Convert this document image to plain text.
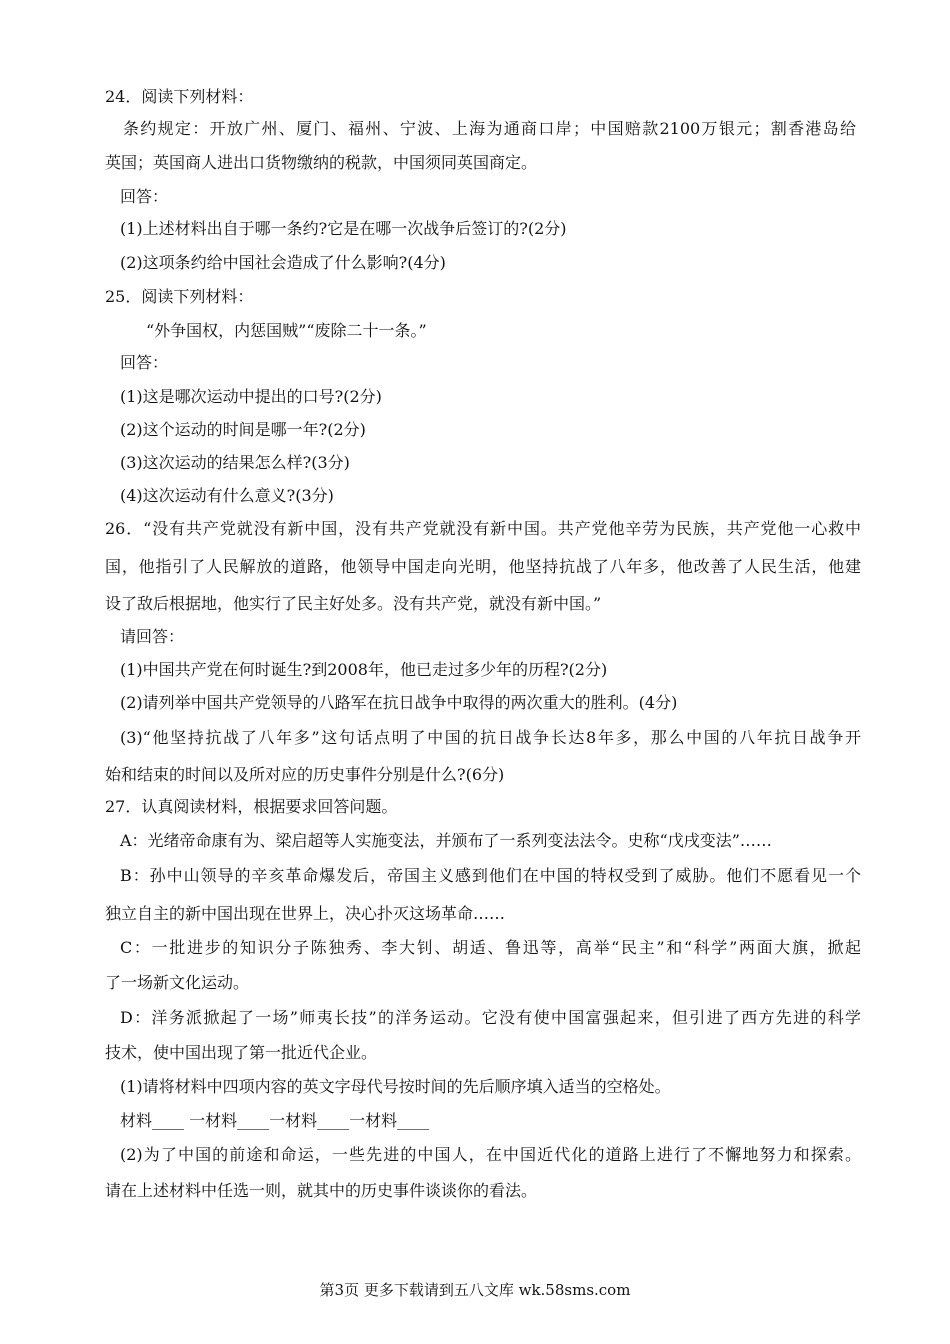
24．阅读下列材料：
条约规定：开放广州、厦门、福州、宁波、上海为通商口岸；中国赔款2100万银元；割香港岛给
英国；英国商人进出口货物缴纳的税款，中国须同英国商定。
回答：
(1)上述材料出自于哪一条约?它是在哪一次战争后签订的?(2分)
(2)这项条约给中国社会造成了什么影响?(4分)
25．阅读下列材料：
“外争国权，内惩国贼”“废除二十一条。”
回答：
(1)这是哪次运动中提出的口号?(2分)
(2)这个运动的时间是哪一年?(2分)
(3)这次运动的结果怎么样?(3分)
(4)这次运动有什么意义?(3分)
26．“没有共产党就没有新中国，没有共产党就没有新中国。共产党他辛劳为民族，共产党他一心救中
国，他指引了人民解放的道路，他领导中国走向光明，他坚持抗战了八年多，他改善了人民生活，他建
设了敌后根据地，他实行了民主好处多。没有共产党，就没有新中国。”
请回答：
(1)中国共产党在何时诞生?到2008年，他已走过多少年的历程?(2分)
(2)请列举中国共产党领导的八路军在抗日战争中取得的两次重大的胜利。(4分)
(3)“他坚持抗战了八年多”这句话点明了中国的抗日战争长达8年多，那么中国的八年抗日战争开
始和结束的时间以及所对应的历史事件分别是什么?(6分)
27．认真阅读材料，根据要求回答问题。
A：光绪帝命康有为、梁启超等人实施变法，并颁布了一系列变法法令。史称“戊戌变法”……
B：孙中山领导的辛亥革命爆发后，帝国主义感到他们在中国的特权受到了威胁。他们不愿看见一个
独立自主的新中国出现在世界上，决心扑灭这场革命……
C：一批进步的知识分子陈独秀、李大钊、胡适、鲁迅等，高举“民主”和“科学”两面大旗，掀起
了一场新文化运动。
D：洋务派掀起了一场”师夷长技”的洋务运动。它没有使中国富强起来，但引进了西方先进的科学
技术，使中国出现了第一批近代企业。
(1)请将材料中四项内容的英文字母代号按时间的先后顺序填入适当的空格处。
材料____ 一材料____一材料____一材料____
(2)为了中国的前途和命运，一些先进的中国人，在中国近代化的道路上进行了不懈地努力和探索。
请在上述材料中任选一则，就其中的历史事件谈谈你的看法。
第3页 更多下载请到五八文库 wk.58sms.com
